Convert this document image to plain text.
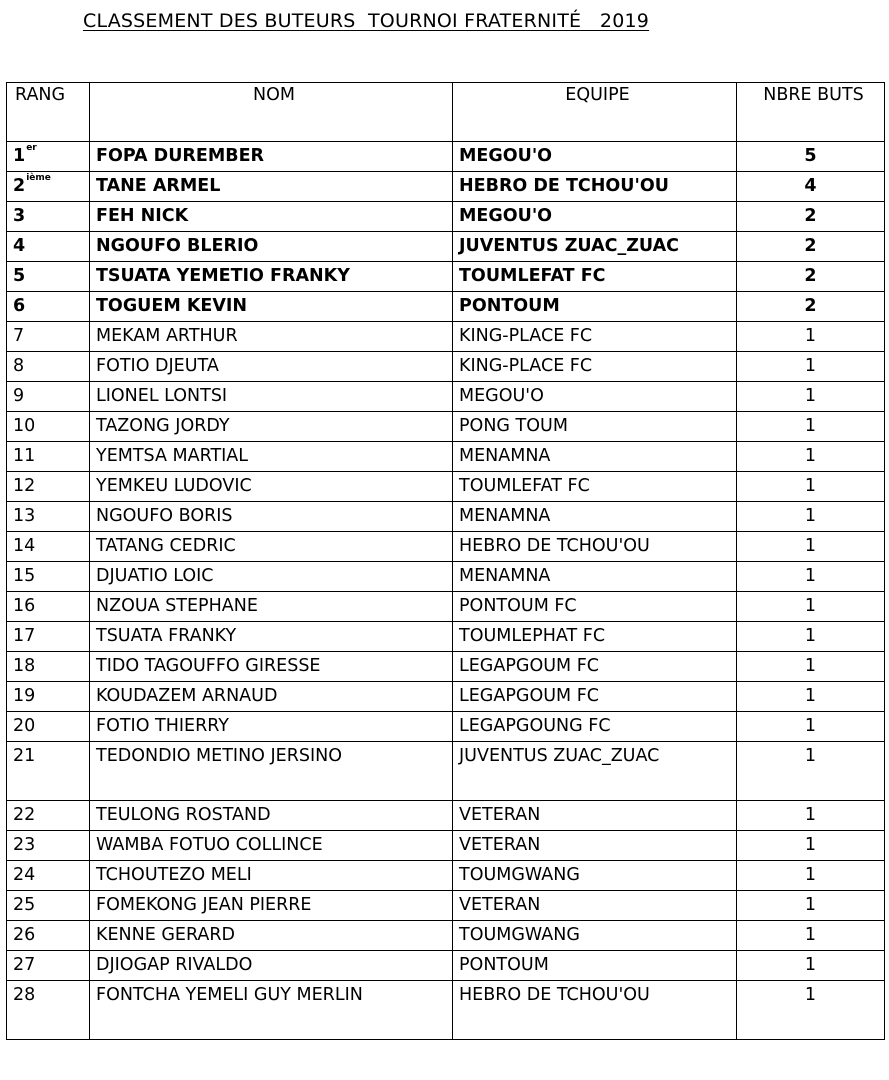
CLASSEMENT DES BUTEURS  TOURNOI FRATERNITÉ   2019
RANG	NOM	EQUIPE	NBRE BUTS
1er	FOPA DUREMBER	MEGOU'O	5
2ième	TANE ARMEL	HEBRO DE TCHOU'OU	4
3	FEH NICK	MEGOU'O	2
4	NGOUFO BLERIO	JUVENTUS ZUAC_ZUAC	2
5	TSUATA YEMETIO FRANKY	TOUMLEFAT FC	2
6	TOGUEM KEVIN	PONTOUM	2
7	MEKAM ARTHUR	KING-PLACE FC	1
8	FOTIO DJEUTA	KING-PLACE FC	1
9	LIONEL LONTSI	MEGOU'O	1
10	TAZONG JORDY	PONG TOUM	1
11	YEMTSA MARTIAL	MENAMNA	1
12	YEMKEU LUDOVIC	TOUMLEFAT FC	1
13	NGOUFO BORIS	MENAMNA	1
14	TATANG CEDRIC	HEBRO DE TCHOU'OU	1
15	DJUATIO LOIC	MENAMNA	1
16	NZOUA STEPHANE	PONTOUM FC	1
17	TSUATA FRANKY	TOUMLEPHAT FC	1
18	TIDO TAGOUFFO GIRESSE	LEGAPGOUM FC	1
19	KOUDAZEM ARNAUD	LEGAPGOUM FC	1
20	FOTIO THIERRY	LEGAPGOUNG FC	1
21	TEDONDIO METINO JERSINO	JUVENTUS ZUAC_ZUAC	1
22	TEULONG ROSTAND	VETERAN	1
23	WAMBA FOTUO COLLINCE	VETERAN	1
24	TCHOUTEZO MELI	TOUMGWANG	1
25	FOMEKONG JEAN PIERRE	VETERAN	1
26	KENNE GERARD	TOUMGWANG	1
27	DJIOGAP RIVALDO	PONTOUM	1
28	FONTCHA YEMELI GUY MERLIN	HEBRO DE TCHOU'OU	1
